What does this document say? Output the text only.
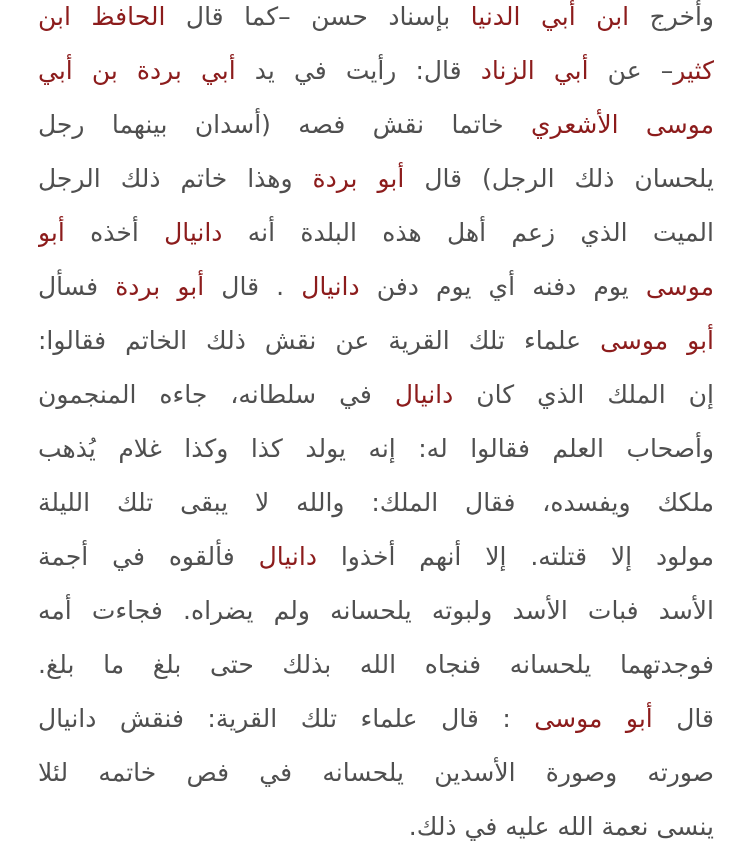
وأخرج ابن أبي الدنيا بإسناد حسن –كما قال الحافظ ابن
كثير– عن أبي الزناد قال: رأيت في يد أبي بردة بن أبي
موسى الأشعري خاتما نقش فصه (أسدان بينهما رجل
يلحسان ذلك الرجل) قال أبو بردة وهذا خاتم ذلك الرجل
الميت الذي زعم أهل هذه البلدة أنه دانيال أخذه أبو
موسى يوم دفنه أي يوم دفن دانيال . قال أبو بردة فسأل
أبو موسى علماء تلك القرية عن نقش ذلك الخاتم فقالوا:
إن الملك الذي كان دانيال في سلطانه، جاءه المنجمون
وأصحاب العلم فقالوا له: إنه يولد كذا وكذا غلام يُذهب
ملكك ويفسده، فقال الملك: والله لا يبقى تلك الليلة
مولود إلا قتلته. إلا أنهم أخذوا دانيال فألقوه في أجمة
الأسد فبات الأسد ولبوته يلحسانه ولم يضراه. فجاءت أمه
فوجدتهما يلحسانه فنجاه الله بذلك حتى بلغ ما بلغ.
قال أبو موسى : قال علماء تلك القرية: فنقش دانيال
صورته وصورة الأسدين يلحسانه في فص خاتمه لئلا
ينسى نعمة الله عليه في ذلك.
